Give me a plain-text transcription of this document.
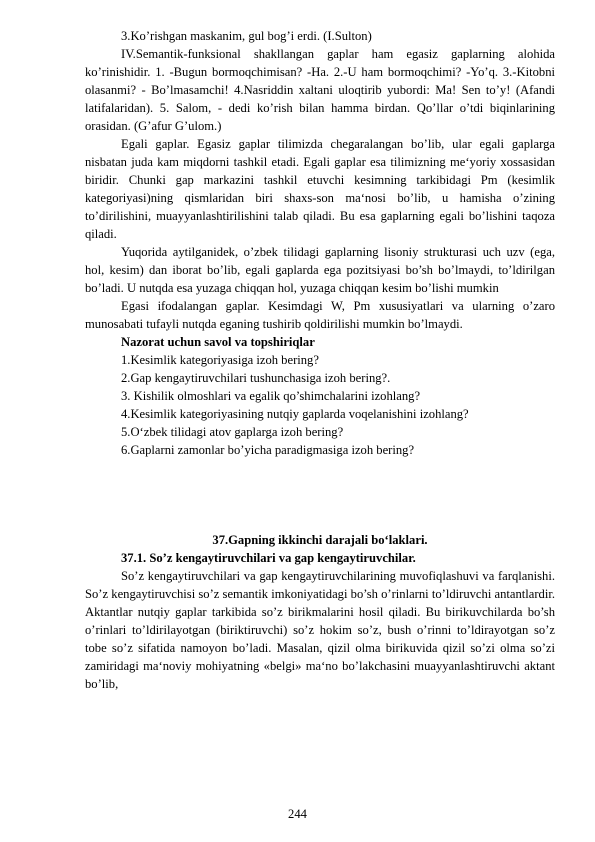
3.Ko’rishgan maskanim, gul bog’i erdi. (I.Sulton)

IV.Semantik-funksional shakllangan gaplar ham egasiz gaplarning alohida ko’rinishidir. 1. -Bugun bormoqchimisan? -Ha. 2.-U ham bormoqchimi? -Yo’q. 3.-Kitobni olasanmi? - Bo’lmasamchi! 4.Nasriddin xaltani uloqtirib yubordi: Ma! Sen to’y! (Afandi latifalaridan). 5. Salom, - dedi ko’rish bilan hamma birdan. Qo’llar o’tdi biqinlarining orasidan. (G’afur G’ulom.)

Egali gaplar. Egasiz gaplar tilimizda chegaralangan bo’lib, ular egali gaplarga nisbatan juda kam miqdorni tashkil etadi. Egali gaplar esa tilimizning me‘yoriy xossasidan biridir. Chunki gap markazini tashkil etuvchi kesimning tarkibidagi Pm (kesimlik kategoriyasi)ning qismlaridan biri shaxs-son ma‘nosi bo’lib, u hamisha o’zining to’dirilishini, muayyanlashtirilishini talab qiladi. Bu esa gaplarning egali bo’lishini taqoza qiladi.

Yuqorida aytilganidek, o’zbek tilidagi gaplarning lisoniy strukturasi uch uzv (ega, hol, kesim) dan iborat bo’lib, egali gaplarda ega pozitsiyasi bo’sh bo’lmaydi, to’ldirilgan bo’ladi. U nutqda esa yuzaga chiqqan hol, yuzaga chiqqan kesim bo’lishi mumkin

Egasi ifodalangan gaplar. Kesimdagi W, Pm xususiyatlari va ularning o’zaro munosabati tufayli nutqda eganing tushirib qoldirilishi mumkin bo’lmaydi.

Nazorat uchun savol va topshiriqlar

1.Kesimlik kategoriyasiga izoh bering?

2.Gap kengaytiruvchilari tushunchasiga izoh bering?.

3. Kishilik olmoshlari va egalik qo’shimchalarini izohlang?

4.Kesimlik kategoriyasining nutqiy gaplarda voqelanishini izohlang?

5.O‘zbek tilidagi atov gaplarga izoh bering?

6.Gaplarni zamonlar bo’yicha paradigmasiga izoh bering?

37.Gapning ikkinchi darajali bo‘laklari.

37.1. So’z kengaytiruvchilari va gap kengaytiruvchilar.

So’z kengaytiruvchilari va gap kengaytiruvchilarining muvofiqlashuvi va farqlanishi. So’z kengaytiruvchisi so’z semantik imkoniyatidagi bo’sh o’rinlarni to’ldiruvchi antantlardir. Aktantlar nutqiy gaplar tarkibida so’z birikmalarini hosil qiladi. Bu birikuvchilarda bo’sh o’rinlari to’ldirilayotgan (biriktiruvchi) so’z hokim so’z, bush o’rinni to’ldirayotgan so’z tobe so’z sifatida namoyon bo’ladi. Masalan, qizil olma birikuvida qizil so’zi olma so’zi zamiridagi ma‘noviy mohiyatning «belgi» ma‘no bo’lakchasini muayyanlashtiruvchi aktant bo’lib,

244
